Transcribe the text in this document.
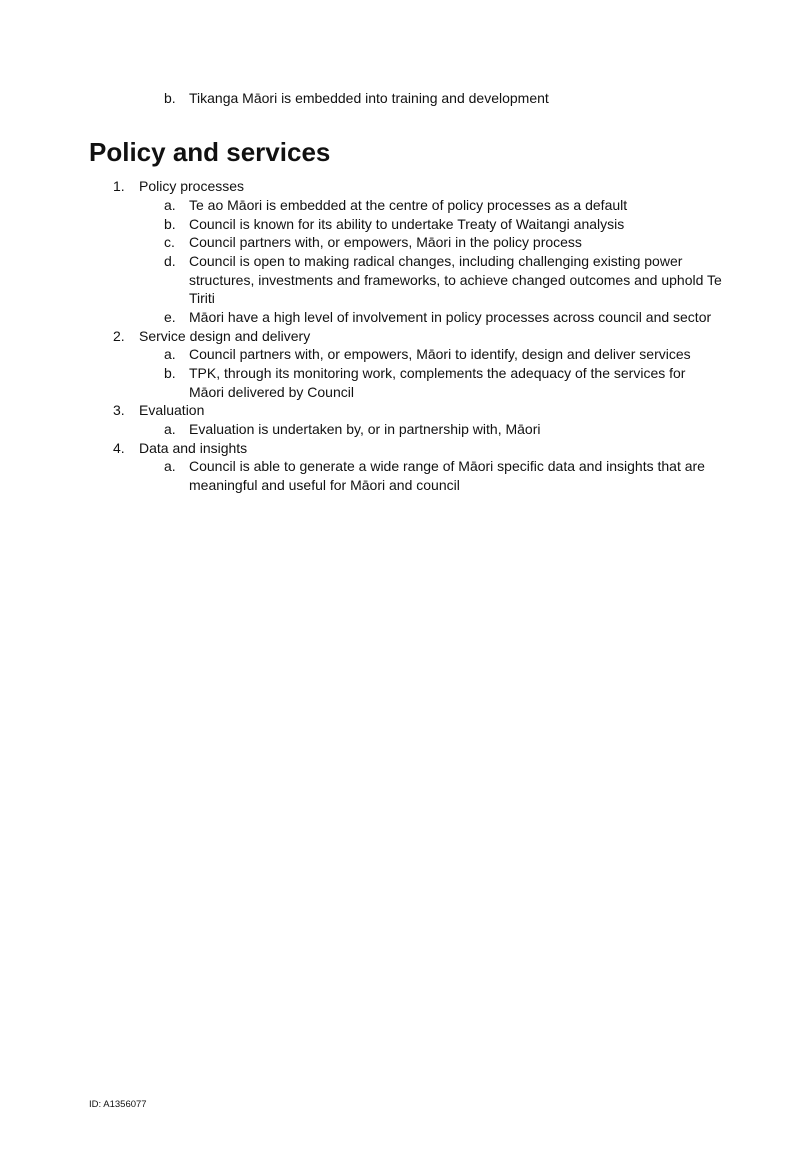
b. Tikanga Māori is embedded into training and development
Policy and services
1. Policy processes
a. Te ao Māori is embedded at the centre of policy processes as a default
b. Council is known for its ability to undertake Treaty of Waitangi analysis
c. Council partners with, or empowers, Māori in the policy process
d. Council is open to making radical changes, including challenging existing power structures, investments and frameworks, to achieve changed outcomes and uphold Te Tiriti
e. Māori have a high level of involvement in policy processes across council and sector
2. Service design and delivery
a. Council partners with, or empowers, Māori to identify, design and deliver services
b. TPK, through its monitoring work, complements the adequacy of the services for Māori delivered by Council
3. Evaluation
a. Evaluation is undertaken by, or in partnership with, Māori
4. Data and insights
a. Council is able to generate a wide range of Māori specific data and insights that are meaningful and useful for Māori and council
ID: A1356077
